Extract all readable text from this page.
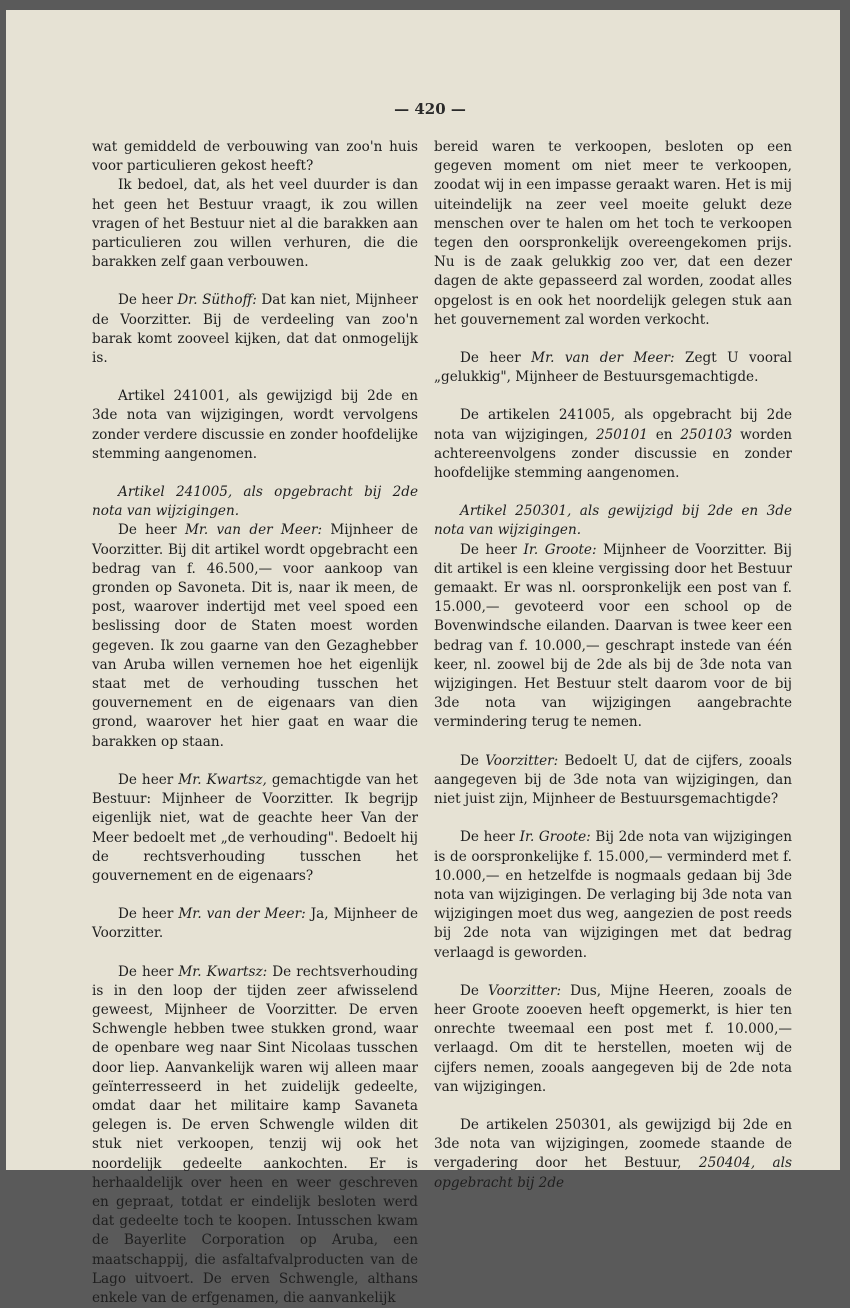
— 420 —

wat gemiddeld de verbouwing van zoo'n huis voor particulieren gekost heeft?

Ik bedoel, dat, als het veel duurder is dan het geen het Bestuur vraagt, ik zou willen vragen of het Bestuur niet al die barakken aan particulieren zou willen verhuren, die die barakken zelf gaan verbouwen.

De heer Dr. Süthoff: Dat kan niet, Mijnheer de Voorzitter. Bij de verdeeling van zoo'n barak komt zooveel kijken, dat dat onmogelijk is.

Artikel 241001, als gewijzigd bij 2de en 3de nota van wijzigingen, wordt vervolgens zonder verdere discussie en zonder hoofdelijke stemming aangenomen.

Artikel 241005, als opgebracht bij 2de nota van wijzigingen.

De heer Mr. van der Meer: Mijnheer de Voorzitter. Bij dit artikel wordt opgebracht een bedrag van f. 46.500,— voor aankoop van gronden op Savoneta. Dit is, naar ik meen, de post, waarover indertijd met veel spoed een beslissing door de Staten moest worden gegeven. Ik zou gaarne van den Gezaghebber van Aruba willen vernemen hoe het eigenlijk staat met de verhouding tusschen het gouvernement en de eigenaars van dien grond, waarover het hier gaat en waar die barakken op staan.

De heer Mr. Kwartsz, gemachtigde van het Bestuur: Mijnheer de Voorzitter. Ik begrijp eigenlijk niet, wat de geachte heer Van der Meer bedoelt met „de verhouding". Bedoelt hij de rechtsverhouding tusschen het gouvernement en de eigenaars?

De heer Mr. van der Meer: Ja, Mijnheer de Voorzitter.

De heer Mr. Kwartsz: De rechtsverhouding is in den loop der tijden zeer afwisselend geweest, Mijnheer de Voorzitter. De erven Schwengle hebben twee stukken grond, waar de openbare weg naar Sint Nicolaas tusschen door liep. Aanvankelijk waren wij alleen maar geïnterresseerd in het zuidelijk gedeelte, omdat daar het militaire kamp Savaneta gelegen is. De erven Schwengle wilden dit stuk niet verkoopen, tenzij wij ook het noordelijk gedeelte aankochten. Er is herhaaldelijk over heen en weer geschreven en gepraat, totdat er eindelijk besloten werd dat gedeelte toch te koopen. Intusschen kwam de Bayerlite Corporation op Aruba, een maatschappij, die asfaltafvalproducten van de Lago uitvoert. De erven Schwengle, althans enkele van de erfgenamen, die aanvankelijk

bereid waren te verkoopen, besloten op een gegeven moment om niet meer te verkoopen, zoodat wij in een impasse geraakt waren. Het is mij uiteindelijk na zeer veel moeite gelukt deze menschen over te halen om het toch te verkoopen tegen den oorspronkelijk overeengekomen prijs. Nu is de zaak gelukkig zoo ver, dat een dezer dagen de akte gepasseerd zal worden, zoodat alles opgelost is en ook het noordelijk gelegen stuk aan het gouvernement zal worden verkocht.

De heer Mr. van der Meer: Zegt U vooral „gelukkig", Mijnheer de Bestuursgemachtigde.

De artikelen 241005, als opgebracht bij 2de nota van wijzigingen, 250101 en 250103 worden achtereenvolgens zonder discussie en zonder hoofdelijke stemming aangenomen.

Artikel 250301, als gewijzigd bij 2de en 3de nota van wijzigingen.

De heer Ir. Groote: Mijnheer de Voorzitter. Bij dit artikel is een kleine vergissing door het Bestuur gemaakt. Er was nl. oorspronkelijk een post van f. 15.000,— gevoteerd voor een school op de Bovenwindsche eilanden. Daarvan is twee keer een bedrag van f. 10.000,— geschrapt instede van één keer, nl. zoowel bij de 2de als bij de 3de nota van wijzigingen. Het Bestuur stelt daarom voor de bij 3de nota van wijzigingen aangebrachte vermindering terug te nemen.

De Voorzitter: Bedoelt U, dat de cijfers, zooals aangegeven bij de 3de nota van wijzigingen, dan niet juist zijn, Mijnheer de Bestuursgemachtigde?

De heer Ir. Groote: Bij 2de nota van wijzigingen is de oorspronkelijke f. 15.000,— verminderd met f. 10.000,— en hetzelfde is nogmaals gedaan bij 3de nota van wijzigingen. De verlaging bij 3de nota van wijzigingen moet dus weg, aangezien de post reeds bij 2de nota van wijzigingen met dat bedrag verlaagd is geworden.

De Voorzitter: Dus, Mijne Heeren, zooals de heer Groote zooeven heeft opgemerkt, is hier ten onrechte tweemaal een post met f. 10.000,— verlaagd. Om dit te herstellen, moeten wij de cijfers nemen, zooals aangegeven bij de 2de nota van wijzigingen.

De artikelen 250301, als gewijzigd bij 2de en 3de nota van wijzigingen, zoomede staande de vergadering door het Bestuur, 250404, als opgebracht bij 2de
